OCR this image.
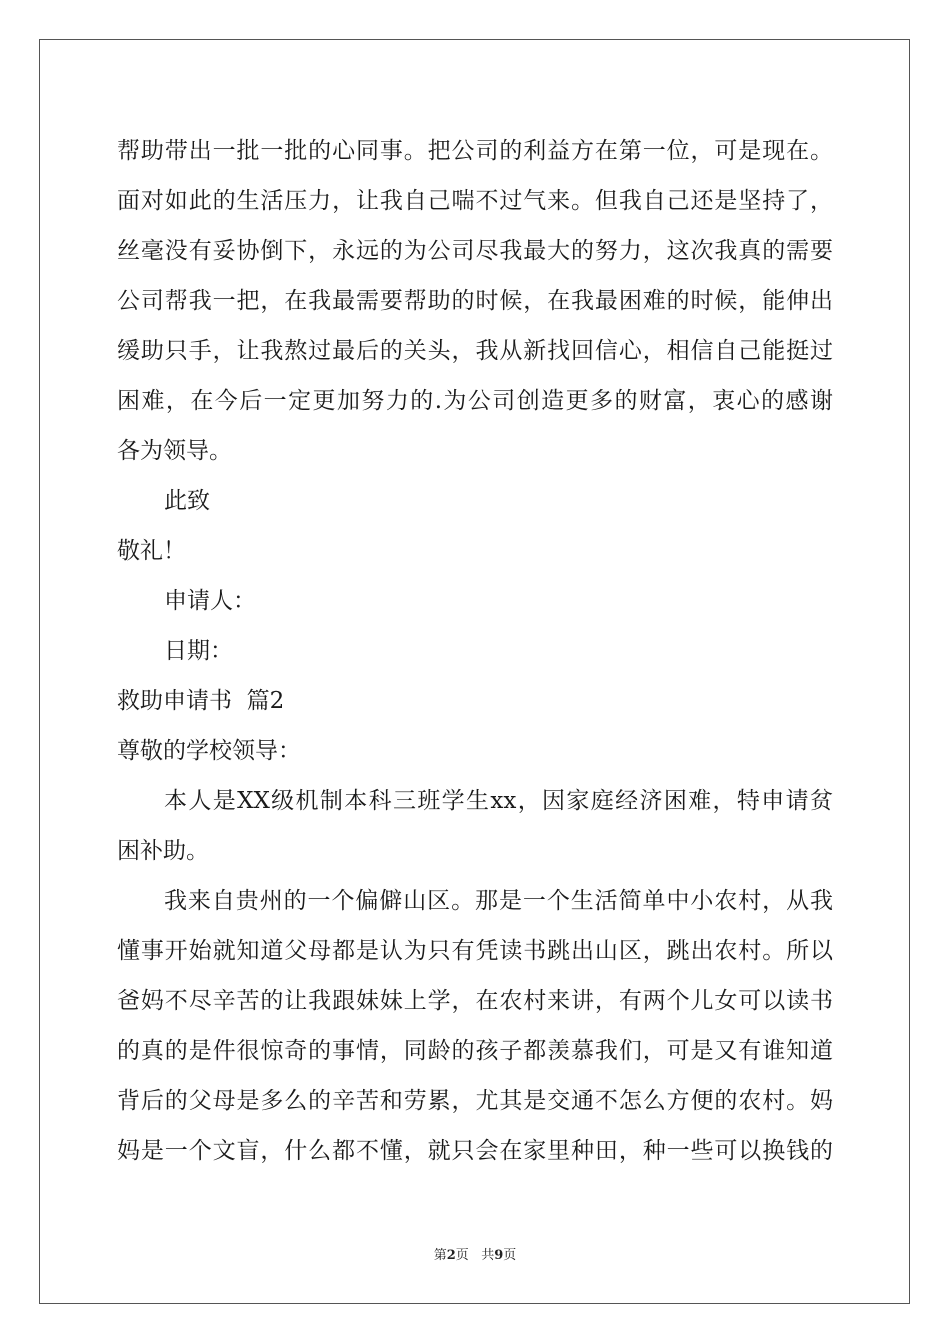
帮助带出一批一批的心同事。把公司的利益方在第一位，可是现在。
面对如此的生活压力，让我自己喘不过气来。但我自己还是坚持了，
丝毫没有妥协倒下，永远的为公司尽我最大的努力，这次我真的需要
公司帮我一把，在我最需要帮助的时候，在我最困难的时候，能伸出
缓助只手，让我熬过最后的关头，我从新找回信心，相信自己能挺过
困难，在今后一定更加努力的.为公司创造更多的财富，衷心的感谢
各为领导。
此致
敬礼！
申请人：
日期：
救助申请书  篇2
尊敬的学校领导：
本人是XX级机制本科三班学生xx，因家庭经济困难，特申请贫
困补助。
我来自贵州的一个偏僻山区。那是一个生活简单中小农村，从我
懂事开始就知道父母都是认为只有凭读书跳出山区，跳出农村。所以
爸妈不尽辛苦的让我跟妹妹上学，在农村来讲，有两个儿女可以读书
的真的是件很惊奇的事情，同龄的孩子都羡慕我们，可是又有谁知道
背后的父母是多么的辛苦和劳累，尤其是交通不怎么方便的农村。妈
妈是一个文盲，什么都不懂，就只会在家里种田，种一些可以换钱的
第2页   共9页
